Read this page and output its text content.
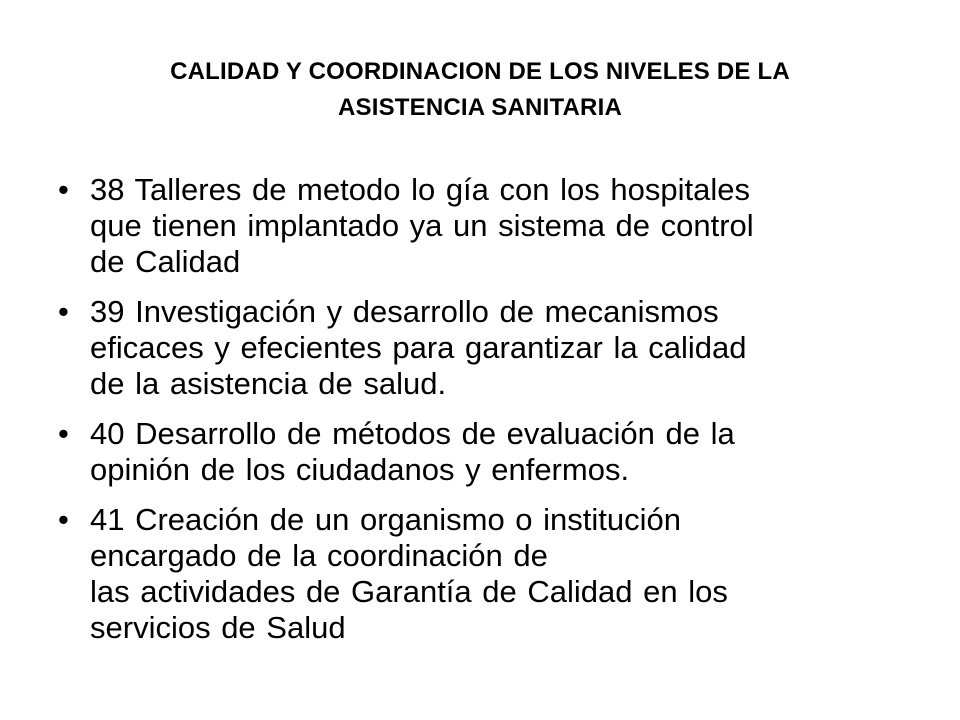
CALIDAD Y COORDINACION DE LOS NIVELES DE LA
ASISTENCIA SANITARIA
• 38 Talleres de metodo lo gía con los hospitales
que tienen implantado ya un sistema de control
de Calidad
• 39 Investigación y desarrollo de mecanismos
eficaces y efecientes para garantizar la calidad
de la asistencia de salud.
• 40 Desarrollo de métodos de evaluación de la
opinión de los ciudadanos y enfermos.
• 41 Creación de un organismo o institución
encargado de la coordinación de
las actividades de Garantía de Calidad en los
servicios de Salud
